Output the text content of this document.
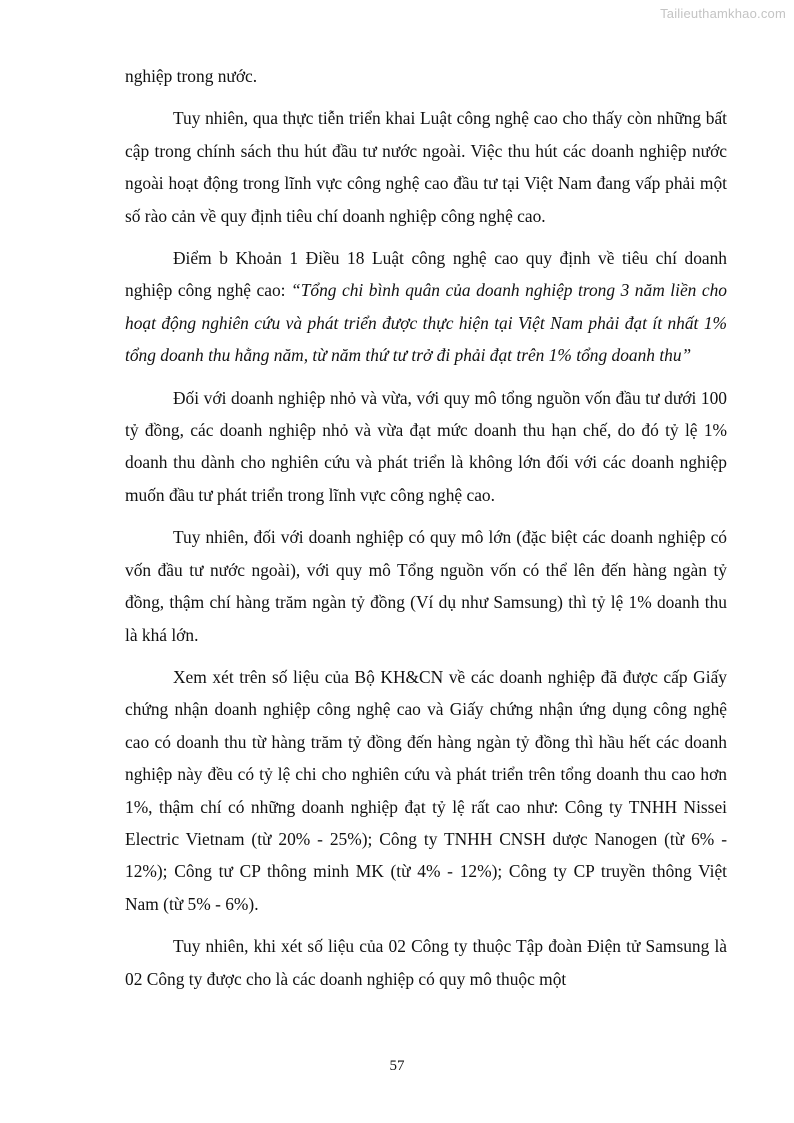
Tailieuthamkhao.com

nghiệp trong nước.

Tuy nhiên, qua thực tiễn triển khai Luật công nghệ cao cho thấy còn những bất cập trong chính sách thu hút đầu tư nước ngoài. Việc thu hút các doanh nghiệp nước ngoài hoạt động trong lĩnh vực công nghệ cao đầu tư tại Việt Nam đang vấp phải một số rào cản về quy định tiêu chí doanh nghiệp công nghệ cao.

Điểm b Khoản 1 Điều 18 Luật công nghệ cao quy định về tiêu chí doanh nghiệp công nghệ cao: “Tổng chi bình quân của doanh nghiệp trong 3 năm liền cho hoạt động nghiên cứu và phát triển được thực hiện tại Việt Nam phải đạt ít nhất 1% tổng doanh thu hằng năm, từ năm thứ tư trở đi phải đạt trên 1% tổng doanh thu”

Đối với doanh nghiệp nhỏ và vừa, với quy mô tổng nguồn vốn đầu tư dưới 100 tỷ đồng, các doanh nghiệp nhỏ và vừa đạt mức doanh thu hạn chế, do đó tỷ lệ 1% doanh thu dành cho nghiên cứu và phát triển là không lớn đối với các doanh nghiệp muốn đầu tư phát triển trong lĩnh vực công nghệ cao.

Tuy nhiên, đối với doanh nghiệp có quy mô lớn (đặc biệt các doanh nghiệp có vốn đầu tư nước ngoài), với quy mô Tổng nguồn vốn có thể lên đến hàng ngàn tỷ đồng, thậm chí hàng trăm ngàn tỷ đồng (Ví dụ như Samsung) thì tỷ lệ 1% doanh thu là khá lớn.

Xem xét trên số liệu của Bộ KH&CN về các doanh nghiệp đã được cấp Giấy chứng nhận doanh nghiệp công nghệ cao và Giấy chứng nhận ứng dụng công nghệ cao có doanh thu từ hàng trăm tỷ đồng đến hàng ngàn tỷ đồng thì hầu hết các doanh nghiệp này đều có tỷ lệ chi cho nghiên cứu và phát triển trên tổng doanh thu cao hơn 1%, thậm chí có những doanh nghiệp đạt tỷ lệ rất cao như: Công ty TNHH Nissei Electric Vietnam (từ 20% - 25%); Công ty TNHH CNSH dược Nanogen (từ 6% - 12%); Công tư CP thông minh MK (từ 4% - 12%); Công ty CP truyền thông Việt Nam (từ 5% - 6%).

Tuy nhiên, khi xét số liệu của 02 Công ty thuộc Tập đoàn Điện tử Samsung là 02 Công ty được cho là các doanh nghiệp có quy mô thuộc một

57
